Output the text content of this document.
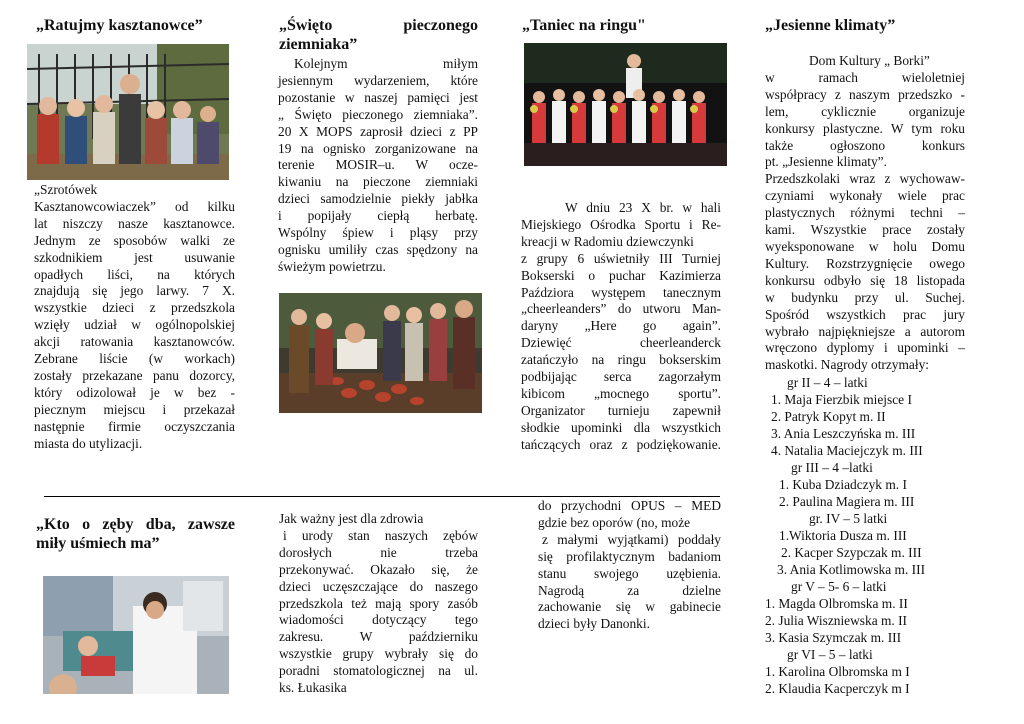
„Ratujmy kasztanowce”
„Szrotówek
Kasztanowcowiaczek” od kilku
lat niszczy nasze kasztanowce.
Jednym ze sposobów walki ze
szkodnikiem jest usuwanie
opadłych liści, na których
znajdują się jego larwy. 7 X.
wszystkie dzieci z przedszkola
wzięły udział w ogólnopolskiej
akcji ratowania kasztanowców.
Zebrane liście (w workach)
zostały przekazane panu dozorcy,
który odizolował je w bez -
piecznym miejscu i przekazał
następnie firmie oczyszczania
miasta do utylizacji.
„Święto pieczonego
ziemniaka”
Kolejnym miłym
jesiennym wydarzeniem, które
pozostanie w naszej pamięci jest
„ Święto pieczonego ziemniaka”.
20 X MOPS zaprosił dzieci z PP
19 na ognisko zorganizowane na
terenie MOSIR–u. W ocze-
kiwaniu na pieczone ziemniaki
dzieci samodzielnie piekły jabłka
i popijały ciepłą herbatę.
Wspólny śpiew i pląsy przy
ognisku umiliły czas spędzony na
świeżym powietrzu.
„Taniec na ringu"
W dniu 23 X br. w hali
Miejskiego Ośrodka Sportu i Re-
kreacji w Radomiu dziewczynki
z grupy 6 uświetniły III Turniej
Bokserski o puchar Kazimierza
Paździora występem tanecznym
„cheerleanders” do utworu Man-
daryny „Here go again”.
Dziewięć cheerleanderck
zatańczyło na ringu bokserskim
podbijając serca zagorzałym
kibicom „mocnego sportu”.
Organizator turnieju zapewnił
słodkie upominki dla wszystkich
tańczących oraz z podziękowanie.
„Jesienne klimaty”
Dom Kultury „ Borki”
w ramach wieloletniej
współpracy z naszym przedszko -
lem, cyklicznie organizuje
konkursy plastyczne. W tym roku
także ogłoszono konkurs
pt. „Jesienne klimaty”.
Przedszkolaki wraz z wychowaw-
czyniami wykonały wiele prac
plastycznych różnymi techni –
kami. Wszystkie prace zostały
wyeksponowane w holu Domu
Kultury. Rozstrzygnięcie owego
konkursu odbyło się 18 listopada
w budynku przy ul. Suchej.
Spośród wszystkich prac jury
wybrało najpiękniejsze a autorom
wręczono dyplomy i upominki –
maskotki. Nagrody otrzymały:
gr II – 4 – latki
1. Maja Fierzbik miejsce I
2. Patryk Kopyt m. II
3. Ania Leszczyńska m. III
4. Natalia Maciejczyk m. III
gr III – 4 –latki
1. Kuba Dziadczyk m. I
2. Paulina Magiera m. III
gr. IV – 5 latki
1.Wiktoria Dusza m. III
2. Kacper Szypczak m. III
3. Ania Kotlimowska m. III
gr V – 5- 6 – latki
1. Magda Olbromska m. II
2. Julia Wiszniewska m. II
3. Kasia Szymczak m. III
gr VI – 5 – latki
1. Karolina Olbromska m I
2. Klaudia Kacperczyk m I
„Kto o zęby dba, zawsze
miły uśmiech ma”
Jak ważny jest dla zdrowia
i urody stan naszych zębów
dorosłych nie trzeba
przekonywać. Okazało się, że
dzieci uczęszczające do naszego
przedszkola też mają spory zasób
wiadomości dotyczący tego
zakresu. W październiku
wszystkie grupy wybrały się do
poradni stomatologicznej na ul.
ks. Łukasika
do przychodni OPUS – MED
gdzie bez oporów (no, może
z małymi wyjątkami) poddały
się profilaktycznym badaniom
stanu swojego uzębienia.
Nagrodą za dzielne
zachowanie się w gabinecie
dzieci były Danonki.
